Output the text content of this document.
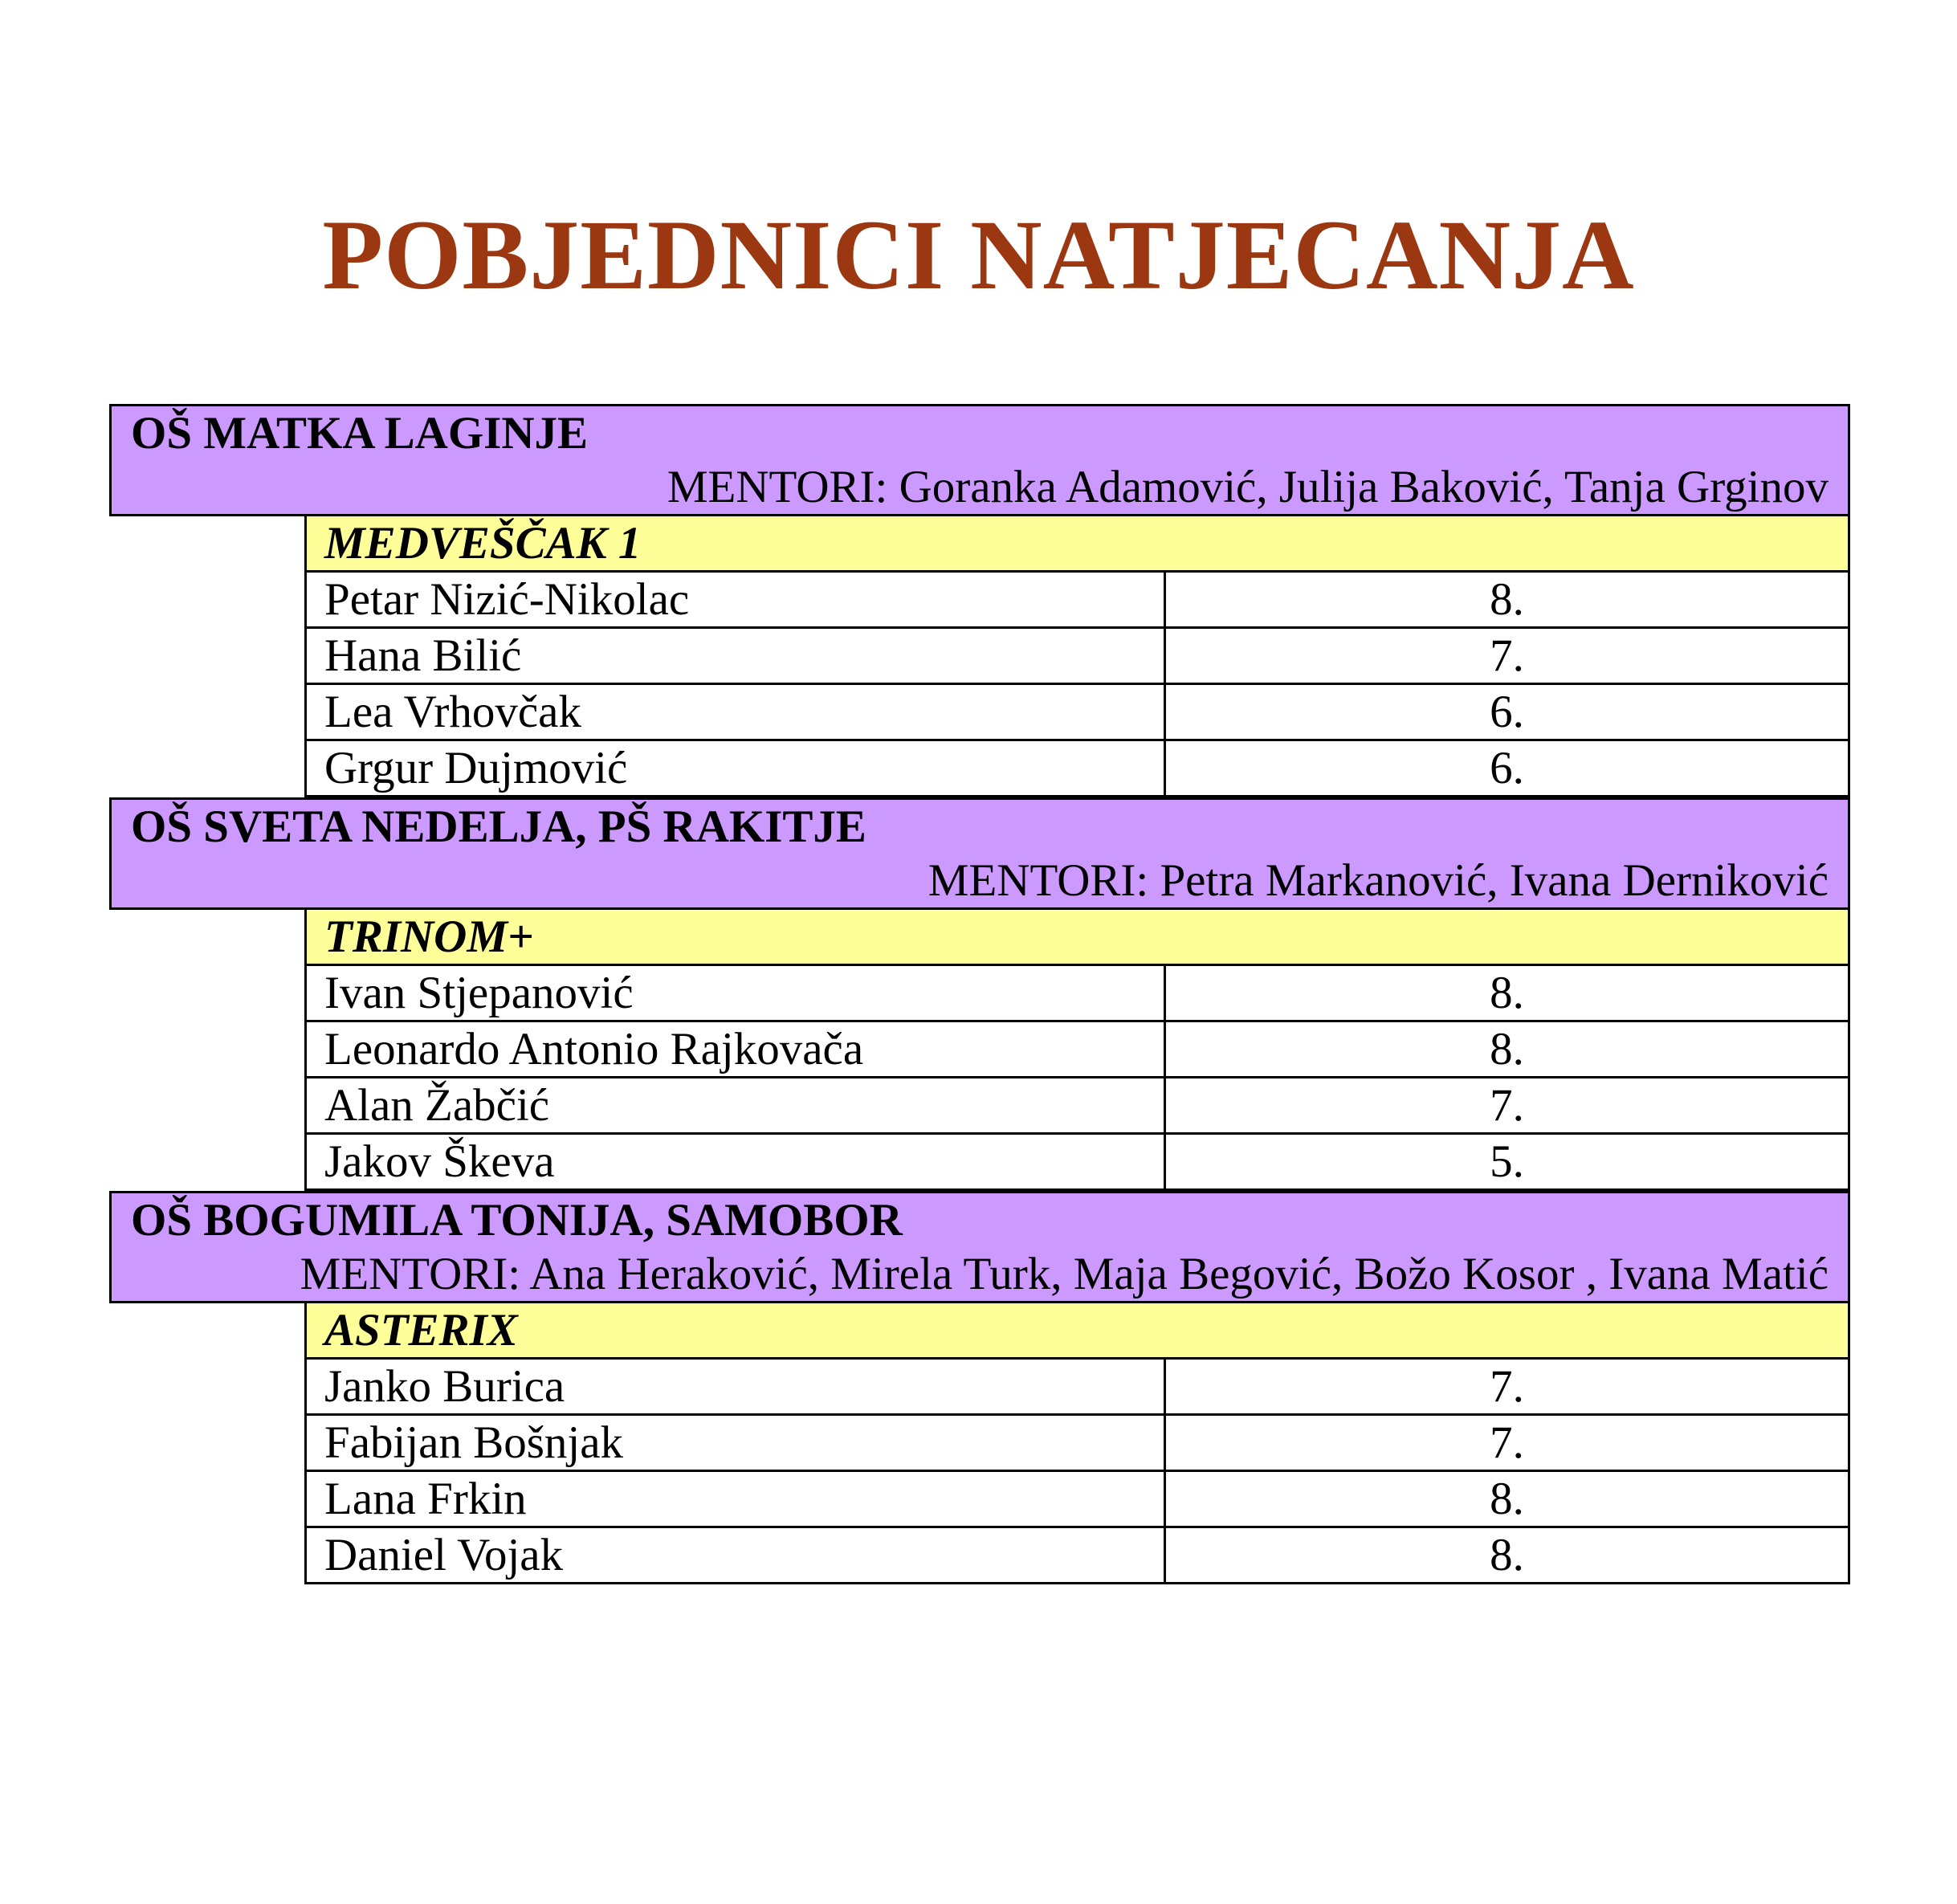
POBJEDNICI NATJECANJA
OŠ MATKA LAGINJE
MENTORI: Goranka Adamović, Julija Baković, Tanja Grginov
MEDVEŠČAK 1
Petar Nizić-Nikolac	8.
Hana Bilić	7.
Lea Vrhovčak	6.
Grgur Dujmović	6.
OŠ SVETA NEDELJA, PŠ RAKITJE
MENTORI: Petra Markanović, Ivana Derniković
TRINOM+
Ivan Stjepanović	8.
Leonardo Antonio Rajkovača	8.
Alan Žabčić	7.
Jakov Škeva	5.
OŠ BOGUMILA TONIJA, SAMOBOR
MENTORI: Ana Heraković, Mirela Turk, Maja Begović, Božo Kosor , Ivana Matić
ASTERIX
Janko Burica	7.
Fabijan Bošnjak	7.
Lana Frkin	8.
Daniel Vojak	8.
